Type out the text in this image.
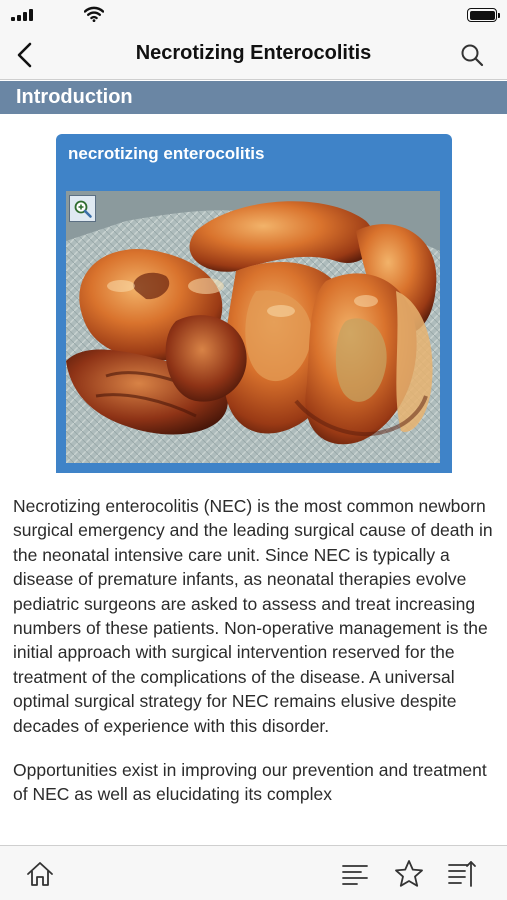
Necrotizing Enterocolitis
Introduction
necrotizing enterocolitis

Necrotizing enterocolitis (NEC) is the most common newborn surgical emergency and the leading surgical cause of death in the neonatal intensive care unit. Since NEC is typically a disease of premature infants, as neonatal therapies evolve pediatric surgeons are asked to assess and treat increasing numbers of these patients. Non-operative management is the initial approach with surgical intervention reserved for the treatment of the complications of the disease. A universal optimal surgical strategy for NEC remains elusive despite decades of experience with this disorder.

Opportunities exist in improving our prevention and treatment of NEC as well as elucidating its complex
